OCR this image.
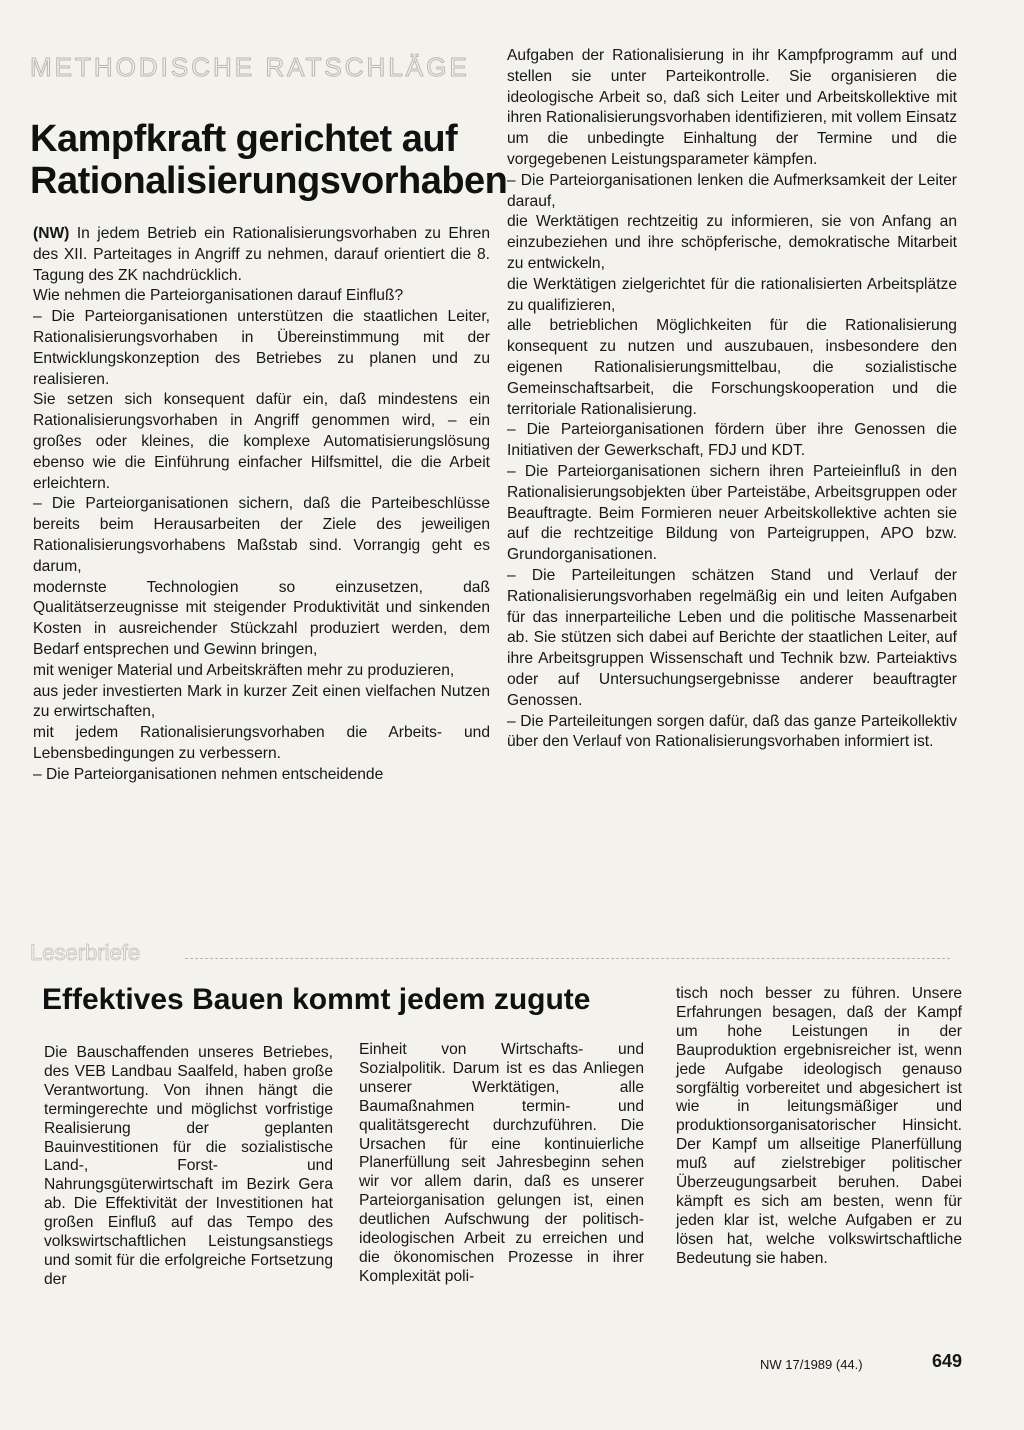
METHODISCHE RATSCHLÄGE

Kampfkraft gerichtet auf Rationalisierungsvorhaben

(NW) In jedem Betrieb ein Rationalisierungsvorhaben zu Ehren des XII. Parteitages in Angriff zu nehmen, darauf orientiert die 8. Tagung des ZK nachdrücklich.

Wie nehmen die Parteiorganisationen darauf Einfluß?

– Die Parteiorganisationen unterstützen die staatlichen Leiter, Rationalisierungsvorhaben in Übereinstimmung mit der Entwicklungskonzeption des Betriebes zu planen und zu realisieren.

Sie setzen sich konsequent dafür ein, daß mindestens ein Rationalisierungsvorhaben in Angriff genommen wird, – ein großes oder kleines, die komplexe Automatisierungslösung ebenso wie die Einführung einfacher Hilfsmittel, die die Arbeit erleichtern.

– Die Parteiorganisationen sichern, daß die Parteibeschlüsse bereits beim Herausarbeiten der Ziele des jeweiligen Rationalisierungsvorhabens Maßstab sind. Vorrangig geht es darum,

modernste Technologien so einzusetzen, daß Qualitätserzeugnisse mit steigender Produktivität und sinkenden Kosten in ausreichender Stückzahl produziert werden, dem Bedarf entsprechen und Gewinn bringen,

mit weniger Material und Arbeitskräften mehr zu produzieren,

aus jeder investierten Mark in kurzer Zeit einen vielfachen Nutzen zu erwirtschaften,

mit jedem Rationalisierungsvorhaben die Arbeits- und Lebensbedingungen zu verbessern.

– Die Parteiorganisationen nehmen entscheidende

Aufgaben der Rationalisierung in ihr Kampfprogramm auf und stellen sie unter Parteikontrolle. Sie organisieren die ideologische Arbeit so, daß sich Leiter und Arbeitskollektive mit ihren Rationalisierungsvorhaben identifizieren, mit vollem Einsatz um die unbedingte Einhaltung der Termine und die vorgegebenen Leistungsparameter kämpfen.

– Die Parteiorganisationen lenken die Aufmerksamkeit der Leiter darauf,

die Werktätigen rechtzeitig zu informieren, sie von Anfang an einzubeziehen und ihre schöpferische, demokratische Mitarbeit zu entwickeln,

die Werktätigen zielgerichtet für die rationalisierten Arbeitsplätze zu qualifizieren,

alle betrieblichen Möglichkeiten für die Rationalisierung konsequent zu nutzen und auszubauen, insbesondere den eigenen Rationalisierungsmittelbau, die sozialistische Gemeinschaftsarbeit, die Forschungskooperation und die territoriale Rationalisierung.

– Die Parteiorganisationen fördern über ihre Genossen die Initiativen der Gewerkschaft, FDJ und KDT.

– Die Parteiorganisationen sichern ihren Parteieinfluß in den Rationalisierungsobjekten über Parteistäbe, Arbeitsgruppen oder Beauftragte. Beim Formieren neuer Arbeitskollektive achten sie auf die rechtzeitige Bildung von Parteigruppen, APO bzw. Grundorganisationen.

– Die Parteileitungen schätzen Stand und Verlauf der Rationalisierungsvorhaben regelmäßig ein und leiten Aufgaben für das innerparteiliche Leben und die politische Massenarbeit ab. Sie stützen sich dabei auf Berichte der staatlichen Leiter, auf ihre Arbeitsgruppen Wissenschaft und Technik bzw. Parteiaktivs oder auf Untersuchungsergebnisse anderer beauftragter Genossen.

– Die Parteileitungen sorgen dafür, daß das ganze Parteikollektiv über den Verlauf von Rationalisierungsvorhaben informiert ist.

Leserbriefe

Effektives Bauen kommt jedem zugute

Die Bauschaffenden unseres Betriebes, des VEB Landbau Saalfeld, haben große Verantwortung. Von ihnen hängt die termingerechte und möglichst vorfristige Realisierung der geplanten Bauinvestitionen für die sozialistische Land-, Forst- und Nahrungsgüterwirtschaft im Bezirk Gera ab. Die Effektivität der Investitionen hat großen Einfluß auf das Tempo des volkswirtschaftlichen Leistungsanstiegs und somit für die erfolgreiche Fortsetzung der

Einheit von Wirtschafts- und Sozialpolitik. Darum ist es das Anliegen unserer Werktätigen, alle Baumaßnahmen termin- und qualitätsgerecht durchzuführen. Die Ursachen für eine kontinuierliche Planerfüllung seit Jahresbeginn sehen wir vor allem darin, daß es unserer Parteiorganisation gelungen ist, einen deutlichen Aufschwung der politisch-ideologischen Arbeit zu erreichen und die ökonomischen Prozesse in ihrer Komplexität poli-

tisch noch besser zu führen. Unsere Erfahrungen besagen, daß der Kampf um hohe Leistungen in der Bauproduktion ergebnisreicher ist, wenn jede Aufgabe ideologisch genauso sorgfältig vorbereitet und abgesichert ist wie in leitungsmäßiger und produktionsorganisatorischer Hinsicht. Der Kampf um allseitige Planerfüllung muß auf zielstrebiger politischer Überzeugungsarbeit beruhen. Dabei kämpft es sich am besten, wenn für jeden klar ist, welche Aufgaben er zu lösen hat, welche volkswirtschaftliche Bedeutung sie haben.

NW 17/1989 (44.)	649
